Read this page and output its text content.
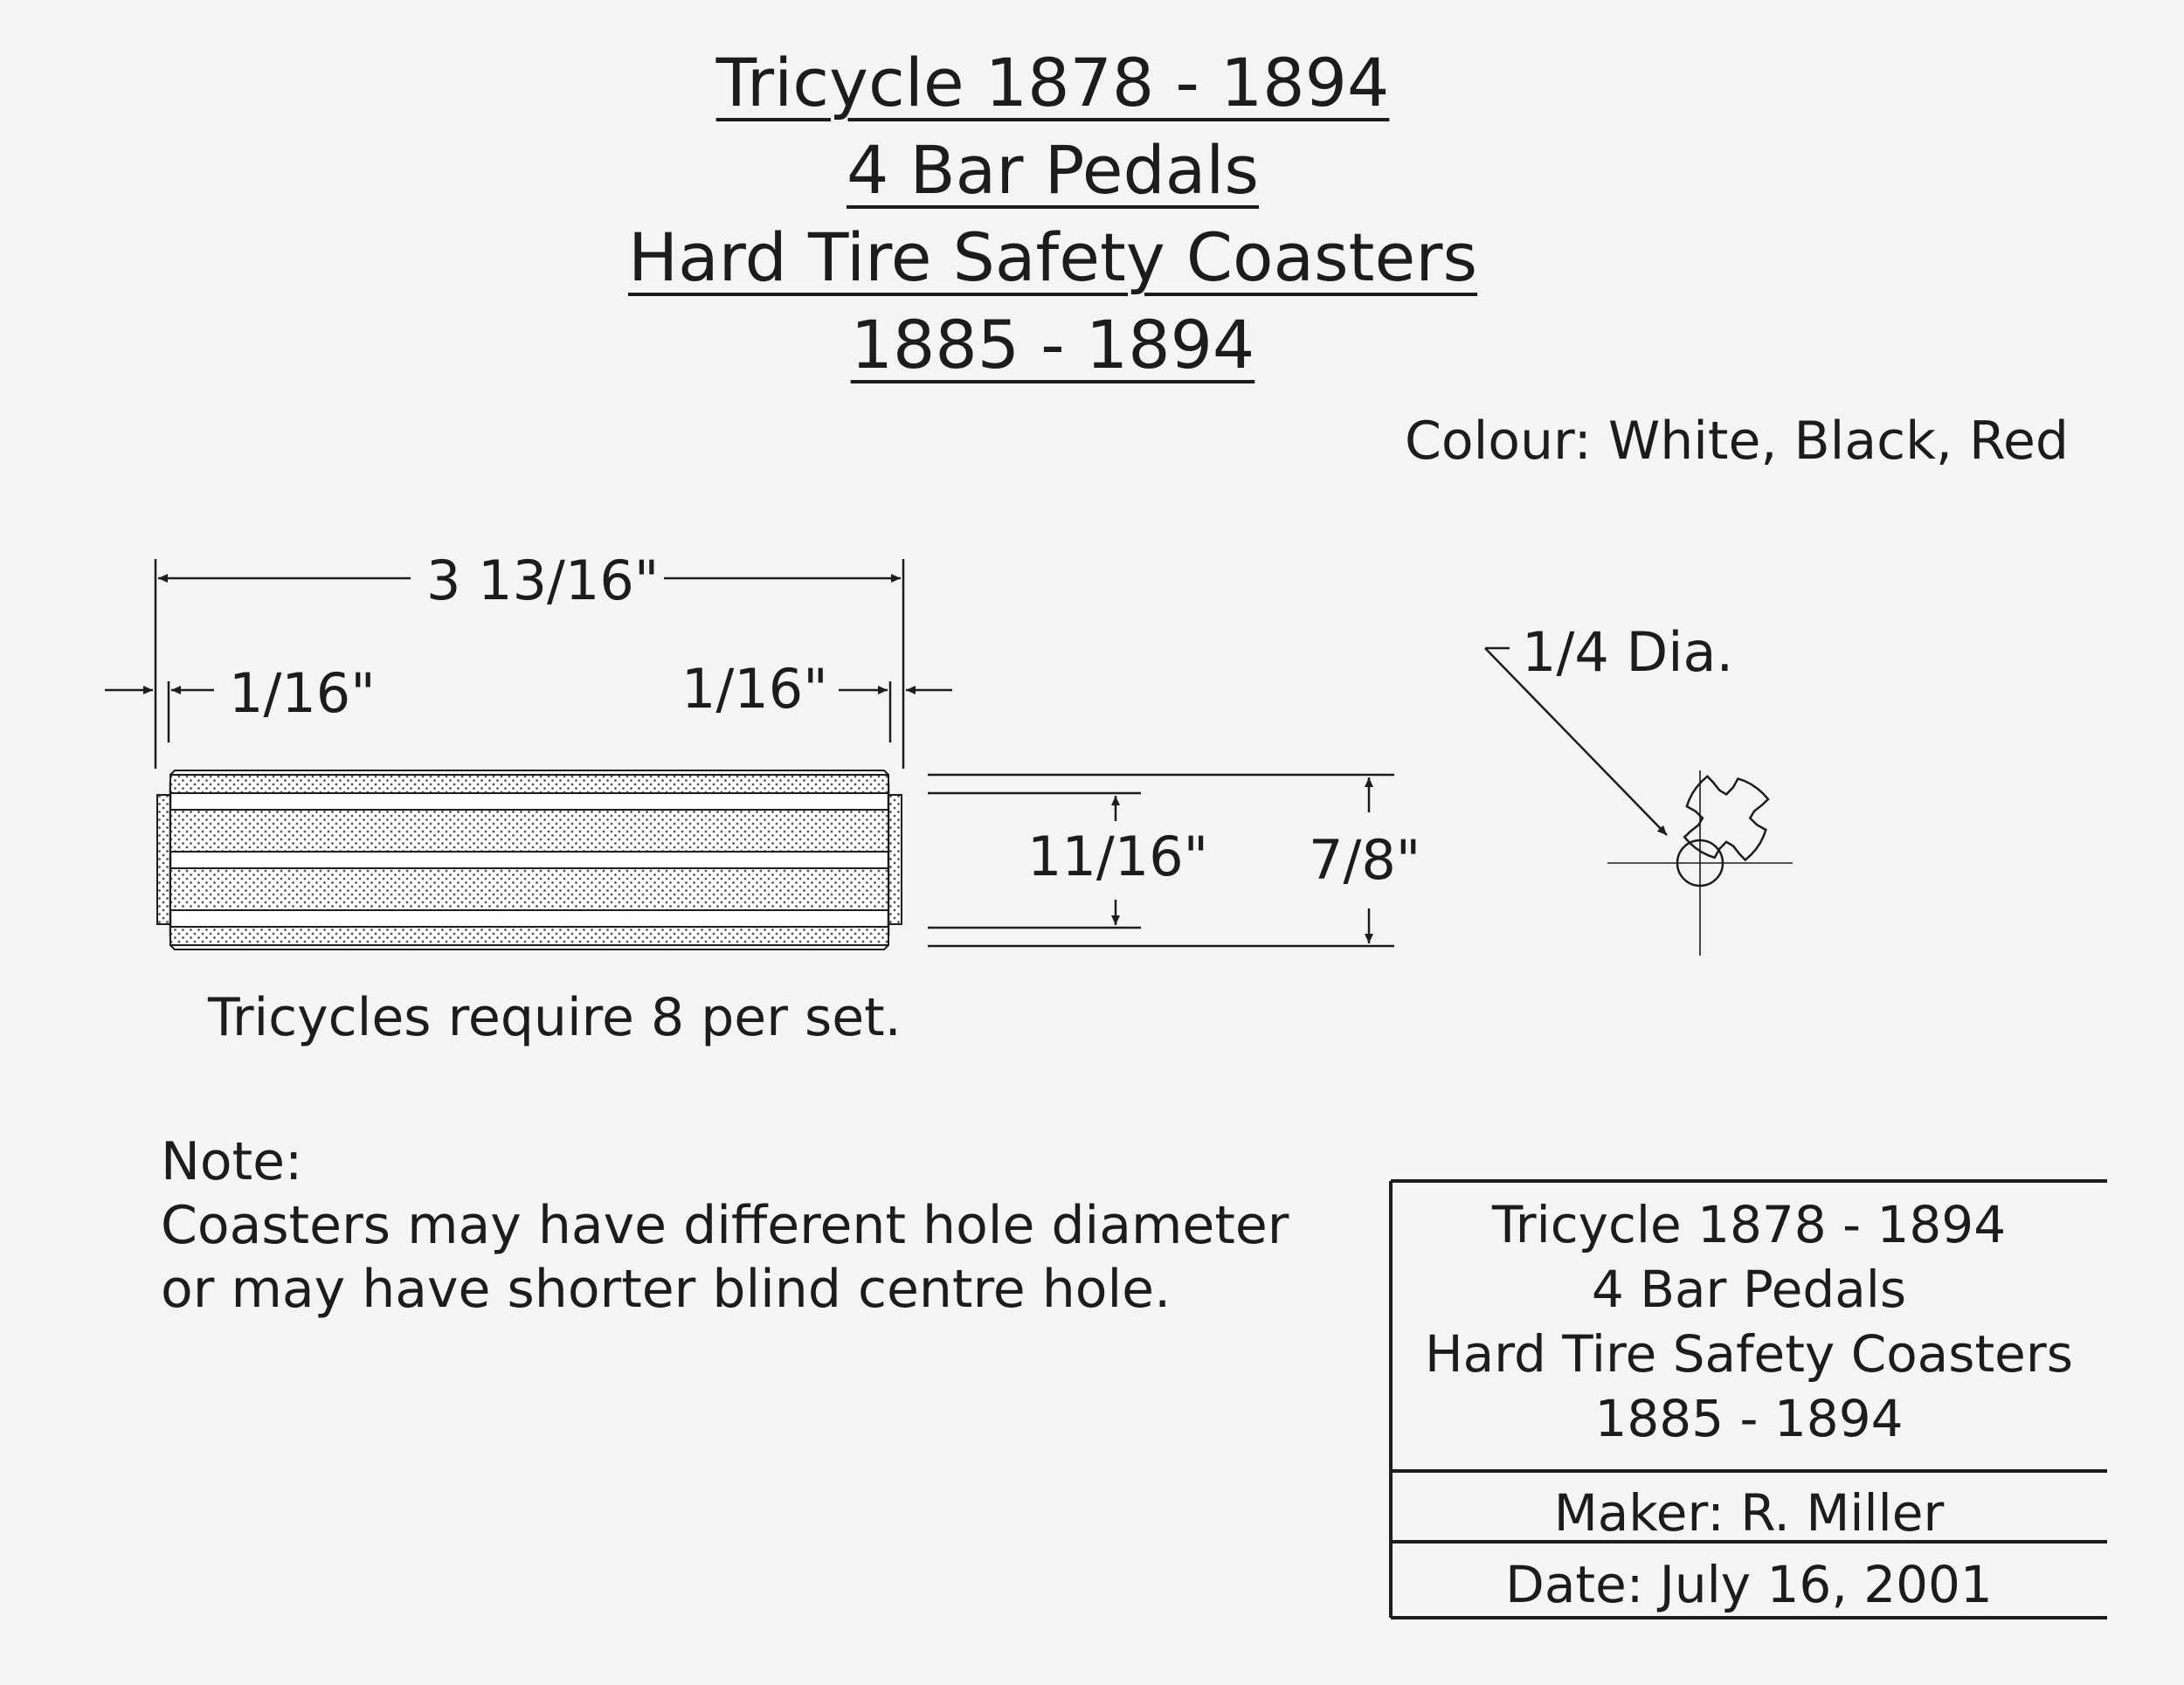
Tricycle 1878 - 1894
4 Bar Pedals
Hard Tire Safety Coasters
1885 - 1894
Colour: White, Black, Red
3 13/16"
1/16"	1/16"
11/16" 7/8"
1/4 Dia.
Tricycles require 8 per set.
Note:
Coasters may have different hole diameter
or may have shorter blind centre hole.
Tricycle 1878 - 1894
4 Bar Pedals
Hard Tire Safety Coasters
1885 - 1894
Maker: R. Miller
Date: July 16, 2001
